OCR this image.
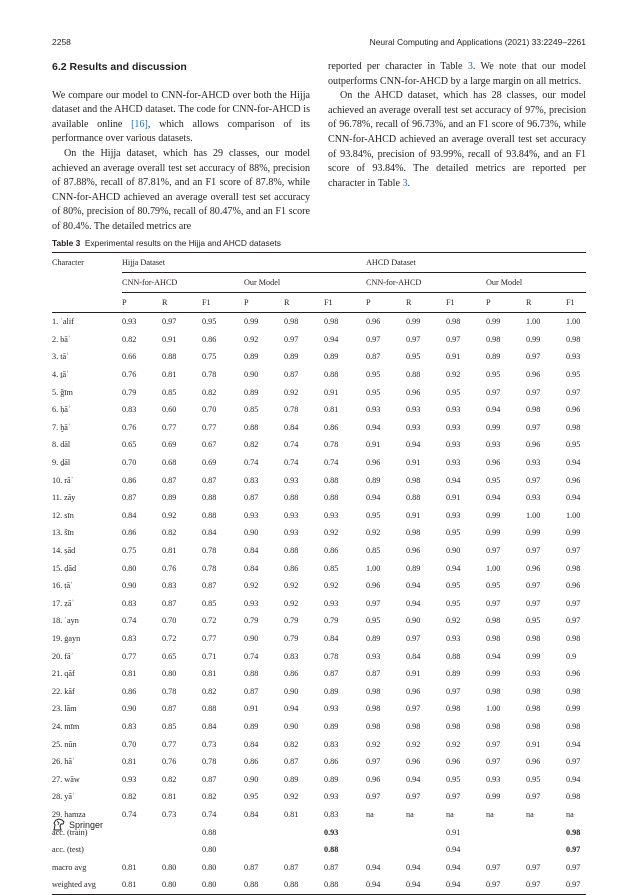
2258	Neural Computing and Applications (2021) 33:2249–2261
6.2 Results and discussion

We compare our model to CNN-for-AHCD over both the Hijja dataset and the AHCD dataset. The code for CNN-for-AHCD is available online [16], which allows comparison of its performance over various datasets.

On the Hijja dataset, which has 29 classes, our model achieved an average overall test set accuracy of 88%, precision of 87.88%, recall of 87.81%, and an F1 score of 87.8%, while CNN-for-AHCD achieved an average overall test set accuracy of 80%, precision of 80.79%, recall of 80.47%, and an F1 score of 80.4%. The detailed metrics are

reported per character in Table 3. We note that our model outperforms CNN-for-AHCD by a large margin on all metrics.

On the AHCD dataset, which has 28 classes, our model achieved an average overall test set accuracy of 97%, precision of 96.78%, recall of 96.73%, and an F1 score of 96.73%, while CNN-for-AHCD achieved an average overall test set accuracy of 93.84%, precision of 93.99%, recall of 93.84%, and an F1 score of 93.84%. The detailed metrics are reported per character in Table 3.

Table 3 Experimental results on the Hijja and AHCD datasets
Character	Hijja Dataset						AHCD Dataset					
	CNN-for-AHCD			Our Model			CNN-for-AHCD			Our Model		
	P	R	F1	P	R	F1	P	R	F1	P	R	F1
1. ʾalif	0.93	0.97	0.95	0.99	0.98	0.98	0.96	0.99	0.98	0.99	1.00	1.00
2. bāʾ	0.82	0.91	0.86	0.92	0.97	0.94	0.97	0.97	0.97	0.98	0.99	0.98
3. tāʾ	0.66	0.88	0.75	0.89	0.89	0.89	0.87	0.95	0.91	0.89	0.97	0.93
4. ṯāʾ	0.76	0.81	0.78	0.90	0.87	0.88	0.95	0.88	0.92	0.95	0.96	0.95
5. ǧīm	0.79	0.85	0.82	0.89	0.92	0.91	0.95	0.96	0.95	0.97	0.97	0.97
6. ḥāʾ	0.83	0.60	0.70	0.85	0.78	0.81	0.93	0.93	0.93	0.94	0.98	0.96
7. ḫāʾ	0.76	0.77	0.77	0.88	0.84	0.86	0.94	0.93	0.93	0.99	0.97	0.98
8. dāl	0.65	0.69	0.67	0.82	0.74	0.78	0.91	0.94	0.93	0.93	0.96	0.95
9. ḏāl	0.70	0.68	0.69	0.74	0.74	0.74	0.96	0.91	0.93	0.96	0.93	0.94
10. rāʾ	0.86	0.87	0.87	0.83	0.93	0.88	0.89	0.98	0.94	0.95	0.97	0.96
11. zāy	0.87	0.89	0.88	0.87	0.88	0.88	0.94	0.88	0.91	0.94	0.93	0.94
12. sīn	0.84	0.92	0.88	0.93	0.93	0.93	0.95	0.91	0.93	0.99	1.00	1.00
13. šīn	0.86	0.82	0.84	0.90	0.93	0.92	0.92	0.98	0.95	0.99	0.99	0.99
14. ṣād	0.75	0.81	0.78	0.84	0.88	0.86	0.85	0.96	0.90	0.97	0.97	0.97
15. ḍād	0.80	0.76	0.78	0.84	0.86	0.85	1.00	0.89	0.94	1.00	0.96	0.98
16. ṭāʾ	0.90	0.83	0.87	0.92	0.92	0.92	0.96	0.94	0.95	0.95	0.97	0.96
17. ẓāʾ	0.83	0.87	0.85	0.93	0.92	0.93	0.97	0.94	0.95	0.97	0.97	0.97
18. ʿayn	0.74	0.70	0.72	0.79	0.79	0.79	0.95	0.90	0.92	0.98	0.95	0.97
19. ġayn	0.83	0.72	0.77	0.90	0.79	0.84	0.89	0.97	0.93	0.98	0.98	0.98
20. fāʾ	0.77	0.65	0.71	0.74	0.83	0.78	0.93	0.84	0.88	0.94	0.99	0.9
21. qāf	0.81	0.80	0.81	0.88	0.86	0.87	0.87	0.91	0.89	0.99	0.93	0.96
22. kāf	0.86	0.78	0.82	0.87	0.90	0.89	0.98	0.96	0.97	0.98	0.98	0.98
23. lām	0.90	0.87	0.88	0.91	0.94	0.93	0.98	0.97	0.98	1.00	0.98	0.99
24. mīm	0.83	0.85	0.84	0.89	0.90	0.89	0.98	0.98	0.98	0.98	0.98	0.98
25. nūn	0.70	0.77	0.73	0.84	0.82	0.83	0.92	0.92	0.92	0.97	0.91	0.94
26. hāʾ	0.81	0.76	0.78	0.86	0.87	0.86	0.97	0.96	0.96	0.97	0.96	0.97
27. wāw	0.93	0.82	0.87	0.90	0.89	0.89	0.96	0.94	0.95	0.93	0.95	0.94
28. yāʾ	0.82	0.81	0.82	0.95	0.92	0.93	0.97	0.97	0.97	0.99	0.97	0.98
29. hamza	0.74	0.73	0.74	0.84	0.81	0.83	na	na	na	na	na	na
acc. (train)			0.88			0.93			0.91			0.98
acc. (test)			0.80			0.88			0.94			0.97
macro avg	0.81	0.80	0.80	0.87	0.87	0.87	0.94	0.94	0.94	0.97	0.97	0.97
weighted avg	0.81	0.80	0.80	0.88	0.88	0.88	0.94	0.94	0.94	0.97	0.97	0.97
Springer
